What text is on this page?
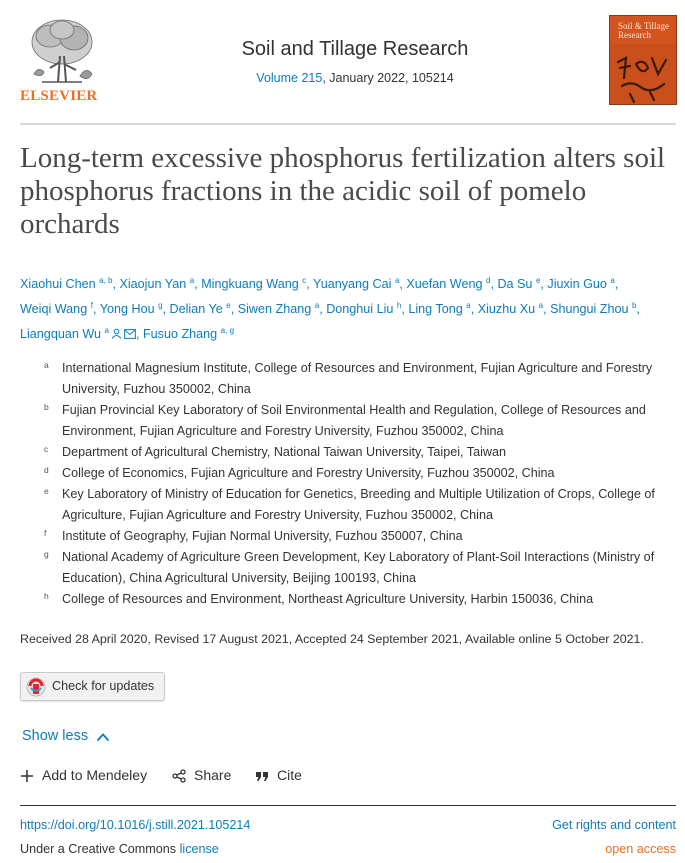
ELSEVIER
Soil and Tillage Research
Volume 215, January 2022, 105214
Soil & Tillage Research
Long-term excessive phosphorus fertilization alters soil phosphorus fractions in the acidic soil of pomelo orchards
Xiaohui Chen $^{a, b}$, Xiaojun Yan $^a$, Mingkuang Wang $^c$, Yuanyang Cai $^a$, Xuefan Weng $^d$, Da Su $^e$, Jiuxin Guo $^a$, Weiqi Wang $^f$, Yong Hou $^g$, Delian Ye $^e$, Siwen Zhang $^a$, Donghui Liu $^h$, Ling Tong $^a$, Xiuzhu Xu $^a$, Shungui Zhou $^b$, Liangquan Wu $^a$ , Fusuo Zhang $^{a, g}$
a International Magnesium Institute, College of Resources and Environment, Fujian Agriculture and Forestry University, Fuzhou 350002, China
b Fujian Provincial Key Laboratory of Soil Environmental Health and Regulation, College of Resources and Environment, Fujian Agriculture and Forestry University, Fuzhou 350002, China
c Department of Agricultural Chemistry, National Taiwan University, Taipei, Taiwan
d College of Economics, Fujian Agriculture and Forestry University, Fuzhou 350002, China
e Key Laboratory of Ministry of Education for Genetics, Breeding and Multiple Utilization of Crops, College of Agriculture, Fujian Agriculture and Forestry University, Fuzhou 350002, China
f Institute of Geography, Fujian Normal University, Fuzhou 350007, China
g National Academy of Agriculture Green Development, Key Laboratory of Plant-Soil Interactions (Ministry of Education), China Agricultural University, Beijing 100193, China
h College of Resources and Environment, Northeast Agriculture University, Harbin 150036, China
Received 28 April 2020, Revised 17 August 2021, Accepted 24 September 2021, Available online 5 October 2021.
Check for updates
Show less
Add to Mendeley	Share	Cite
https://doi.org/10.1016/j.still.2021.105214	Get rights and content
Under a Creative Commons license	open access
